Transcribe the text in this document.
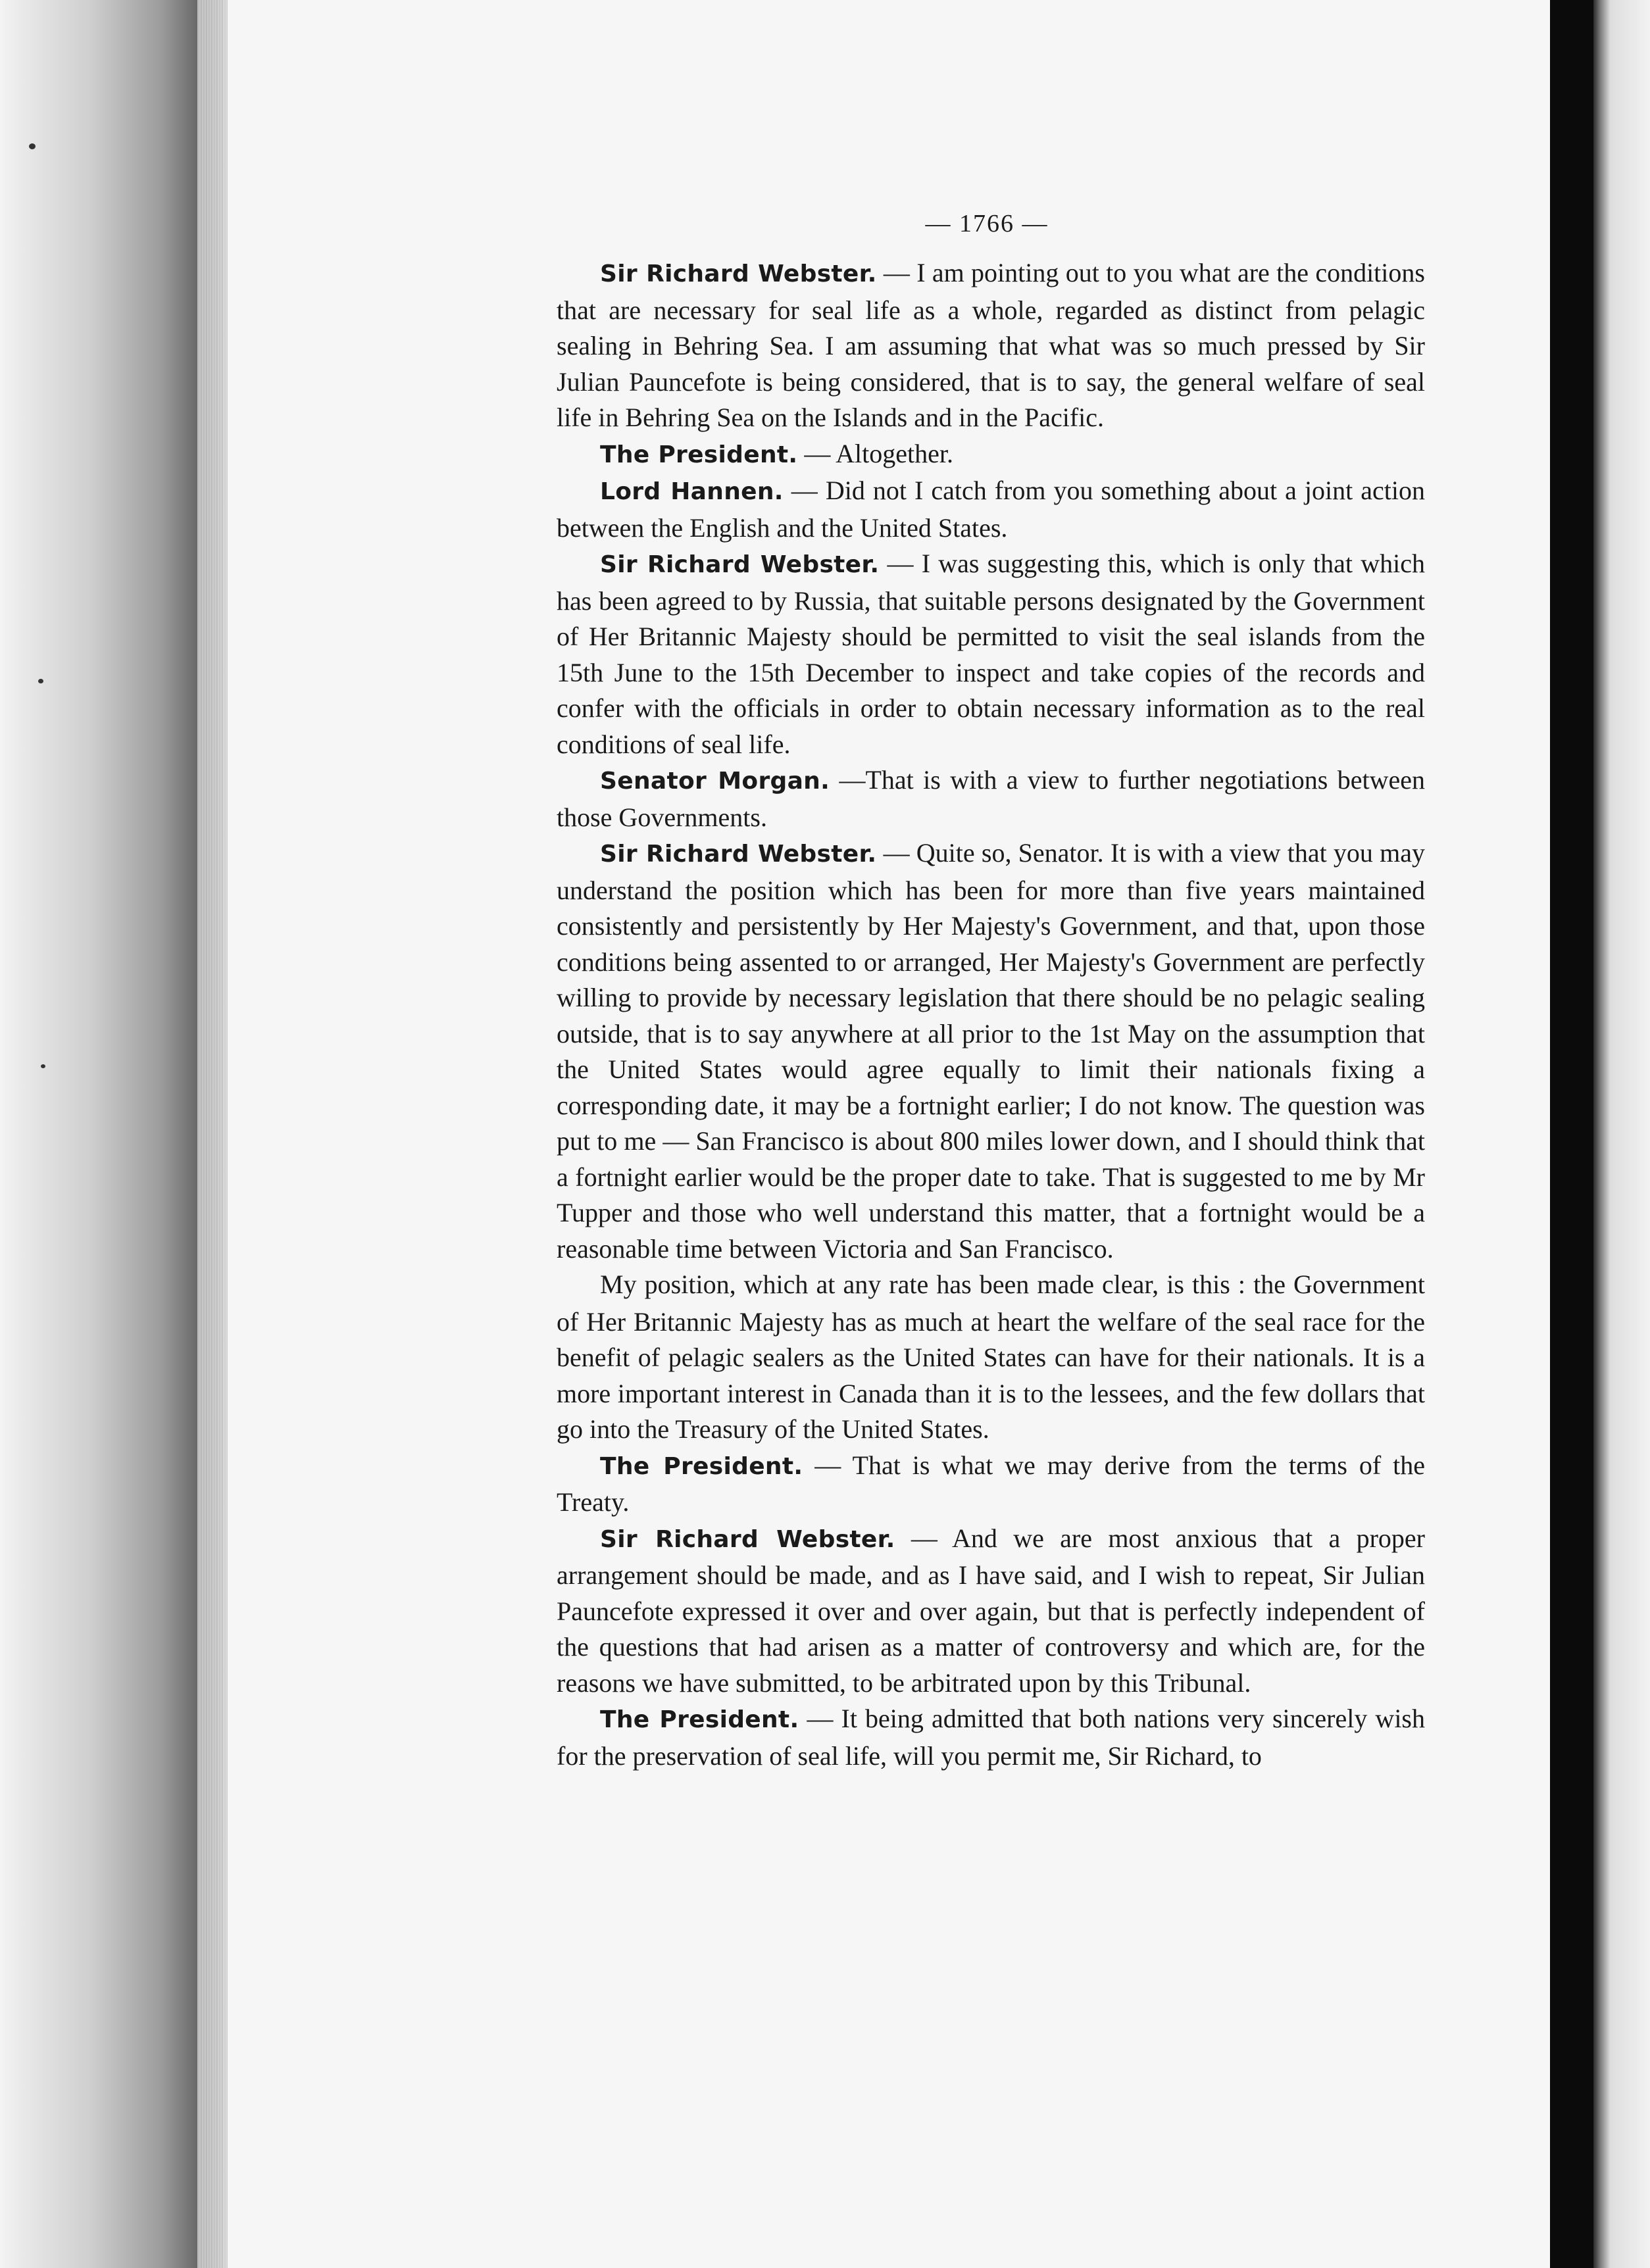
— 1766 —

Sir Richard Webster. — I am pointing out to you what are the conditions that are necessary for seal life as a whole, regarded as distinct from pelagic sealing in Behring Sea. I am assuming that what was so much pressed by Sir Julian Pauncefote is being considered, that is to say, the general welfare of seal life in Behring Sea on the Islands and in the Pacific.

The President. — Altogether.

Lord Hannen. — Did not I catch from you something about a joint action between the English and the United States.

Sir Richard Webster. — I was suggesting this, which is only that which has been agreed to by Russia, that suitable persons designated by the Government of Her Britannic Majesty should be permitted to visit the seal islands from the 15th June to the 15th December to inspect and take copies of the records and confer with the officials in order to obtain necessary information as to the real conditions of seal life.

Senator Morgan. —That is with a view to further negotiations between those Governments.

Sir Richard Webster. — Quite so, Senator. It is with a view that you may understand the position which has been for more than five years maintained consistently and persistently by Her Majesty's Government, and that, upon those conditions being assented to or arranged, Her Majesty's Government are perfectly willing to provide by necessary legislation that there should be no pelagic sealing outside, that is to say anywhere at all prior to the 1st May on the assumption that the United States would agree equally to limit their nationals fixing a corresponding date, it may be a fortnight earlier; I do not know. The question was put to me — San Francisco is about 800 miles lower down, and I should think that a fortnight earlier would be the proper date to take. That is suggested to me by Mr Tupper and those who well understand this matter, that a fortnight would be a reasonable time between Victoria and San Francisco.

My position, which at any rate has been made clear, is this : the Government of Her Britannic Majesty has as much at heart the welfare of the seal race for the benefit of pelagic sealers as the United States can have for their nationals. It is a more important interest in Canada than it is to the lessees, and the few dollars that go into the Treasury of the United States.

The President. — That is what we may derive from the terms of the Treaty.

Sir Richard Webster. — And we are most anxious that a proper arrangement should be made, and as I have said, and I wish to repeat, Sir Julian Pauncefote expressed it over and over again, but that is perfectly independent of the questions that had arisen as a matter of controversy and which are, for the reasons we have submitted, to be arbitrated upon by this Tribunal.

The President. — It being admitted that both nations very sincerely wish for the preservation of seal life, will you permit me, Sir Richard, to
